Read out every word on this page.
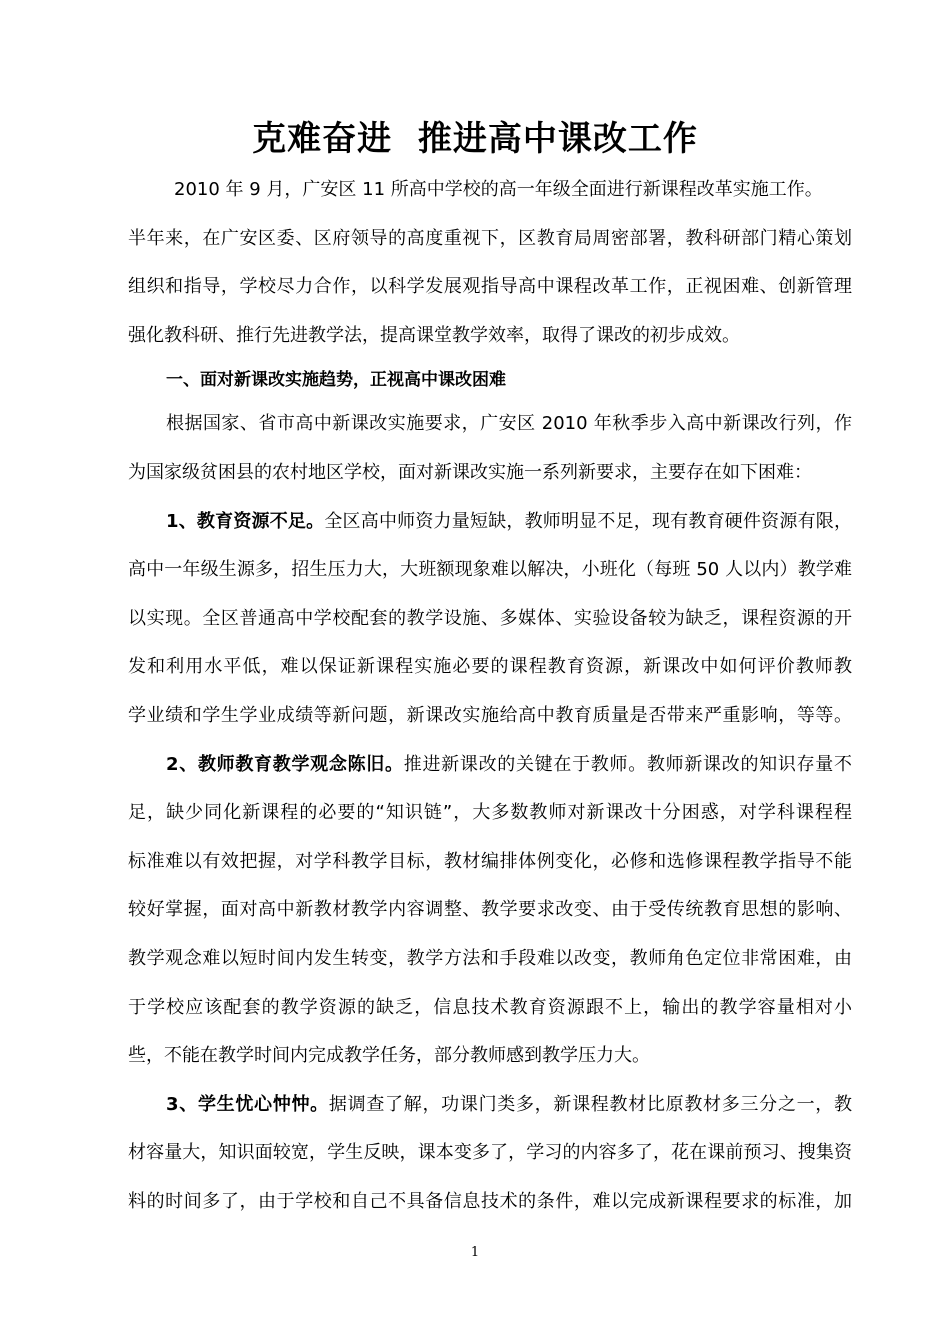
克难奋进  推进高中课改工作
2010 年 9 月，广安区 11 所高中学校的高一年级全面进行新课程改革实施工作。
半年来，在广安区委、区府领导的高度重视下，区教育局周密部署，教科研部门精心策划
组织和指导，学校尽力合作，以科学发展观指导高中课程改革工作，正视困难、创新管理
强化教科研、推行先进教学法，提高课堂教学效率，取得了课改的初步成效。
一、面对新课改实施趋势，正视高中课改困难
根据国家、省市高中新课改实施要求，广安区 2010 年秋季步入高中新课改行列，作
为国家级贫困县的农村地区学校，面对新课改实施一系列新要求，主要存在如下困难：
1、教育资源不足。全区高中师资力量短缺，教师明显不足，现有教育硬件资源有限，
高中一年级生源多，招生压力大，大班额现象难以解决，小班化（每班 50 人以内）教学难
以实现。全区普通高中学校配套的教学设施、多媒体、实验设备较为缺乏，课程资源的开
发和利用水平低，难以保证新课程实施必要的课程教育资源，新课改中如何评价教师教
学业绩和学生学业成绩等新问题，新课改实施给高中教育质量是否带来严重影响，等等。
2、教师教育教学观念陈旧。推进新课改的关键在于教师。教师新课改的知识存量不
足，缺少同化新课程的必要的“知识链”，大多数教师对新课改十分困惑，对学科课程程
标准难以有效把握，对学科教学目标，教材编排体例变化，必修和选修课程教学指导不能
较好掌握，面对高中新教材教学内容调整、教学要求改变、由于受传统教育思想的影响、
教学观念难以短时间内发生转变，教学方法和手段难以改变，教师角色定位非常困难，由
于学校应该配套的教学资源的缺乏，信息技术教育资源跟不上，输出的教学容量相对小
些，不能在教学时间内完成教学任务，部分教师感到教学压力大。
3、学生忧心忡忡。据调查了解，功课门类多，新课程教材比原教材多三分之一，教
材容量大，知识面较宽，学生反映，课本变多了，学习的内容多了，花在课前预习、搜集资
料的时间多了，由于学校和自己不具备信息技术的条件，难以完成新课程要求的标准，加
1
